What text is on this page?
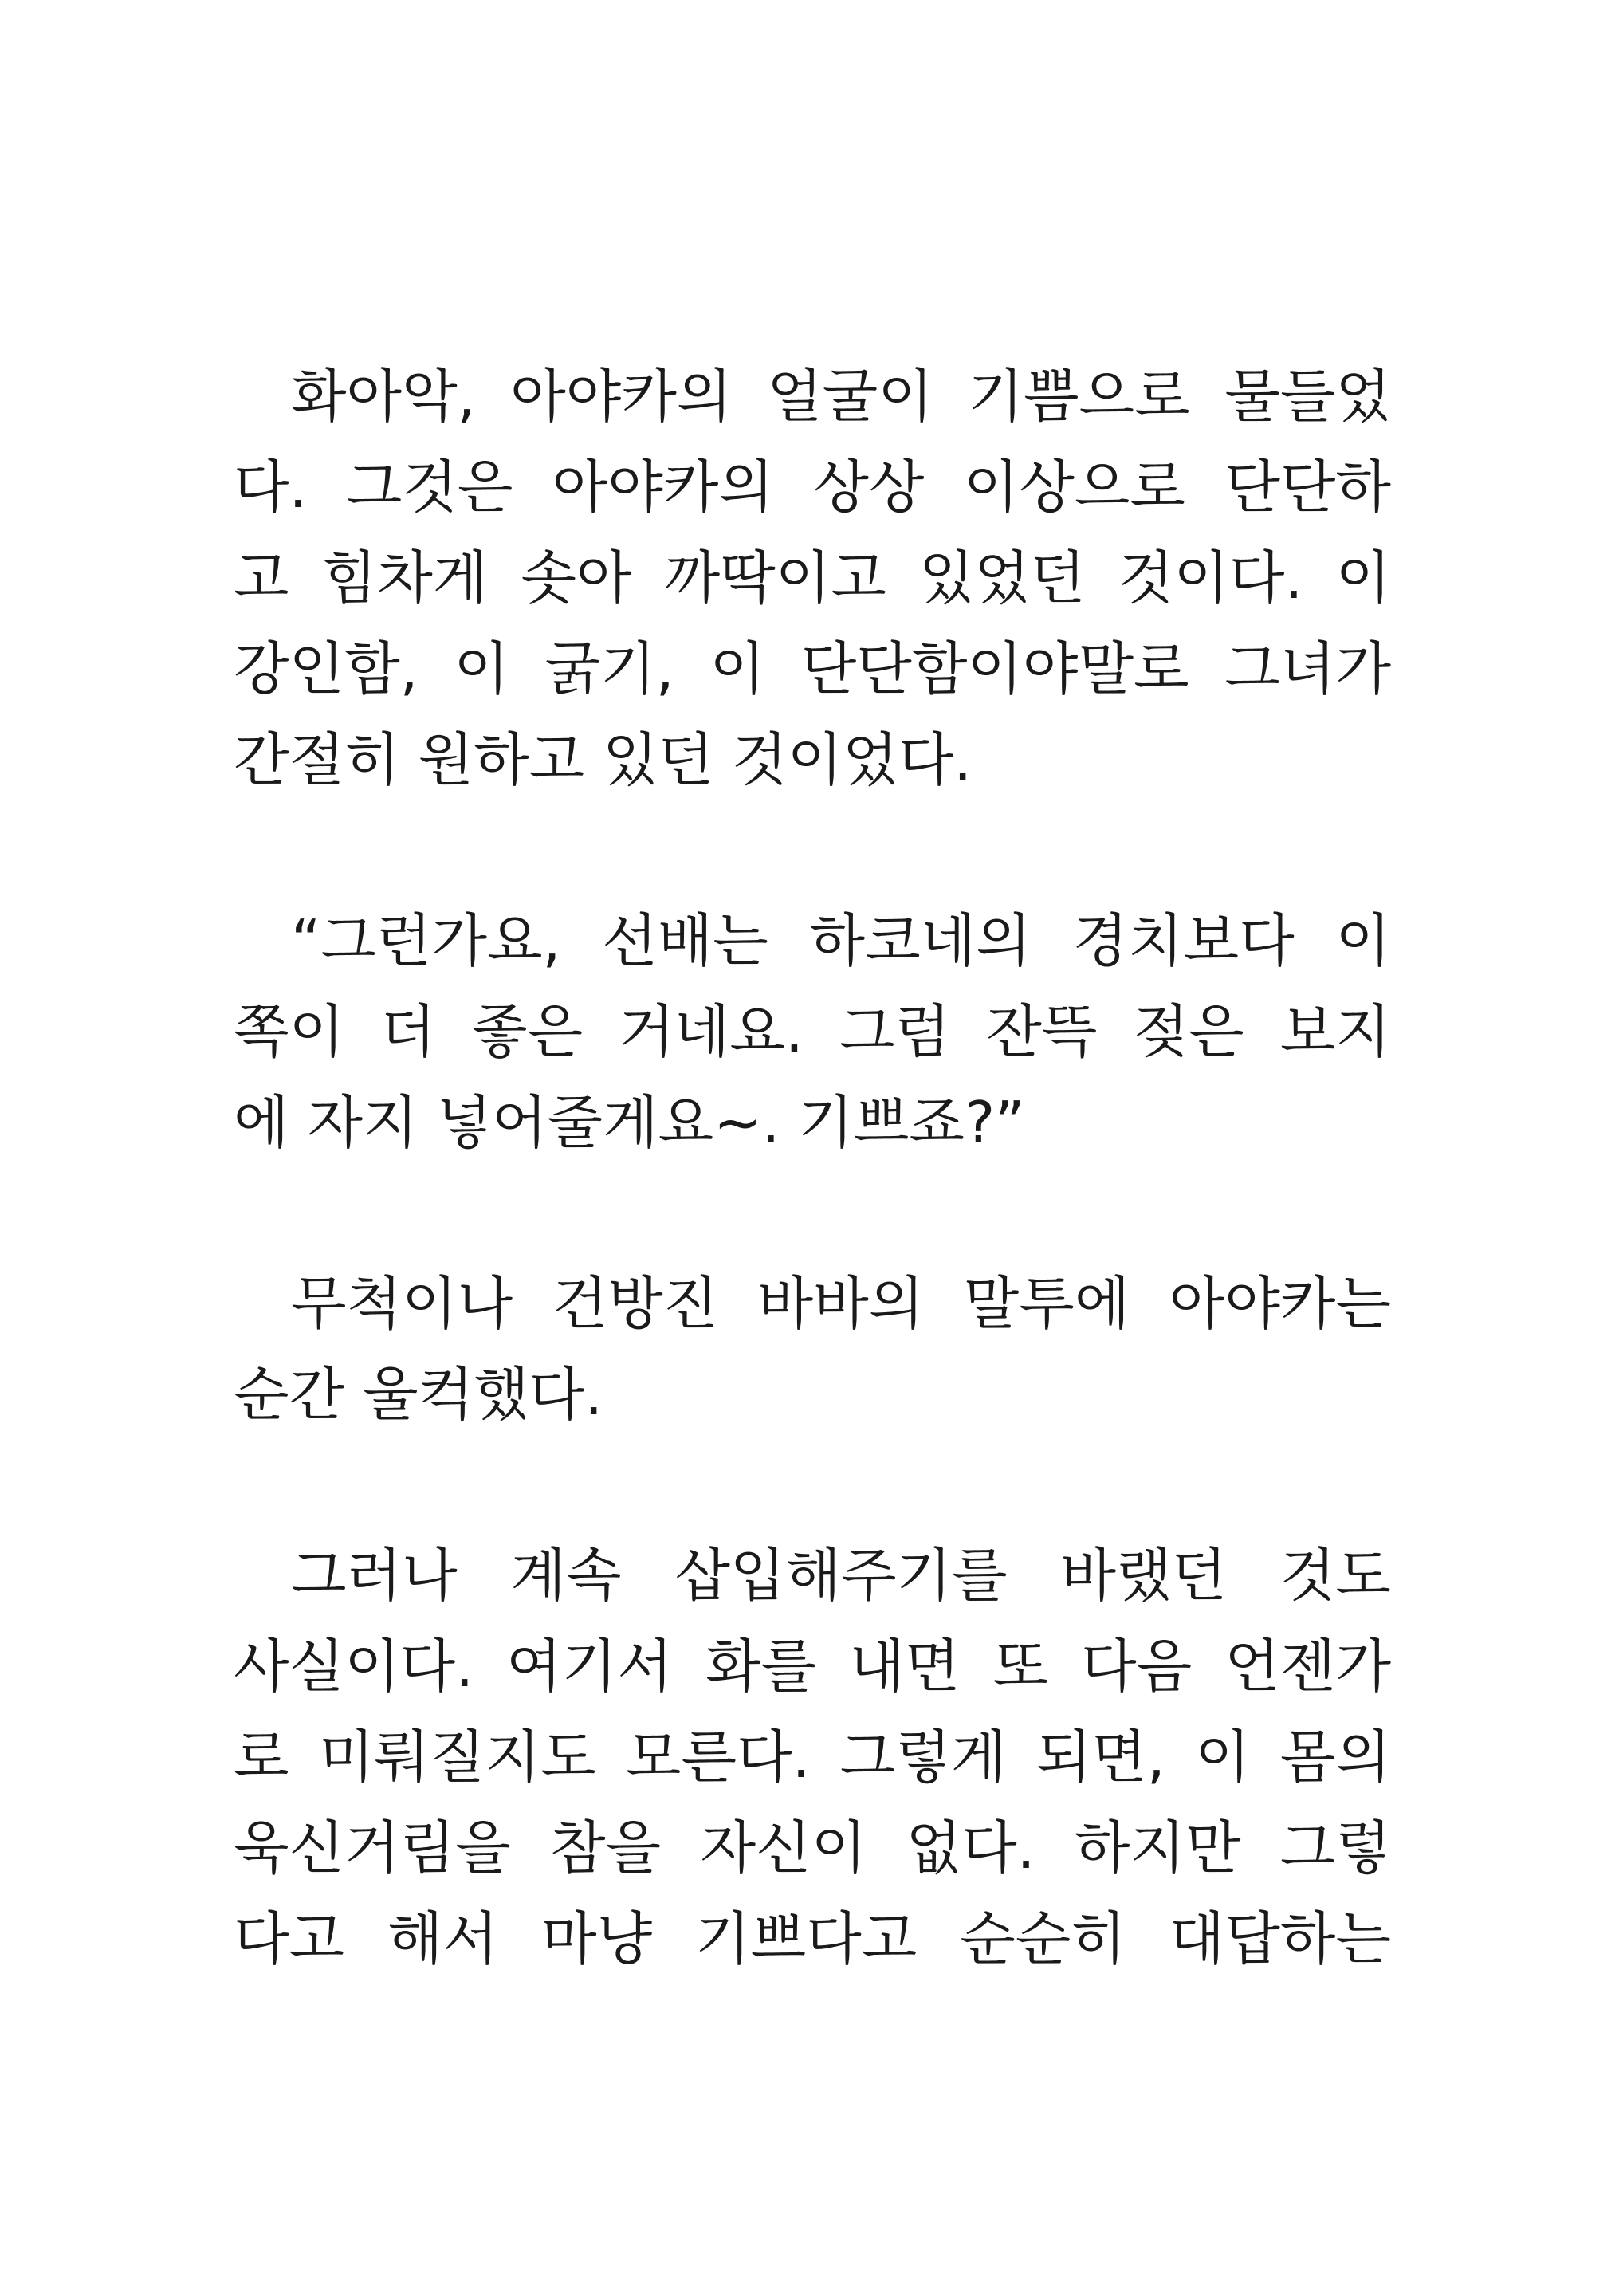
화아악, 아야카의 얼굴이 기쁨으로 물들었
다. 그것은 아야카의 상상 이상으로 단단하
고 힘차게 솟아 까딱이고 있었던 것이다. 이
강인함, 이 굵기, 이 단단함이야말로 그녀가
간절히 원하고 있던 것이었다.
“그런가요, 선배는 하코네의 경치보다 이
쪽이 더 좋은 거네요. 그럼 잔뜩 젖은 보지
에 자지 넣어줄게요~. 기쁘죠?”
무척이나 건방진 바바의 말투에 아야카는
순간 울컥했다.
그러나 계속 삽입해주기를 바랬던 것도
사실이다. 여기서 화를 내면 또 다음 언젠가
로 미뤄질지도 모른다. 그렇게 되면, 이 몸의
욱신거림을 참을 자신이 없다. 하지만 그렇
다고 해서 마냥 기쁘다고 순순히 대답하는
